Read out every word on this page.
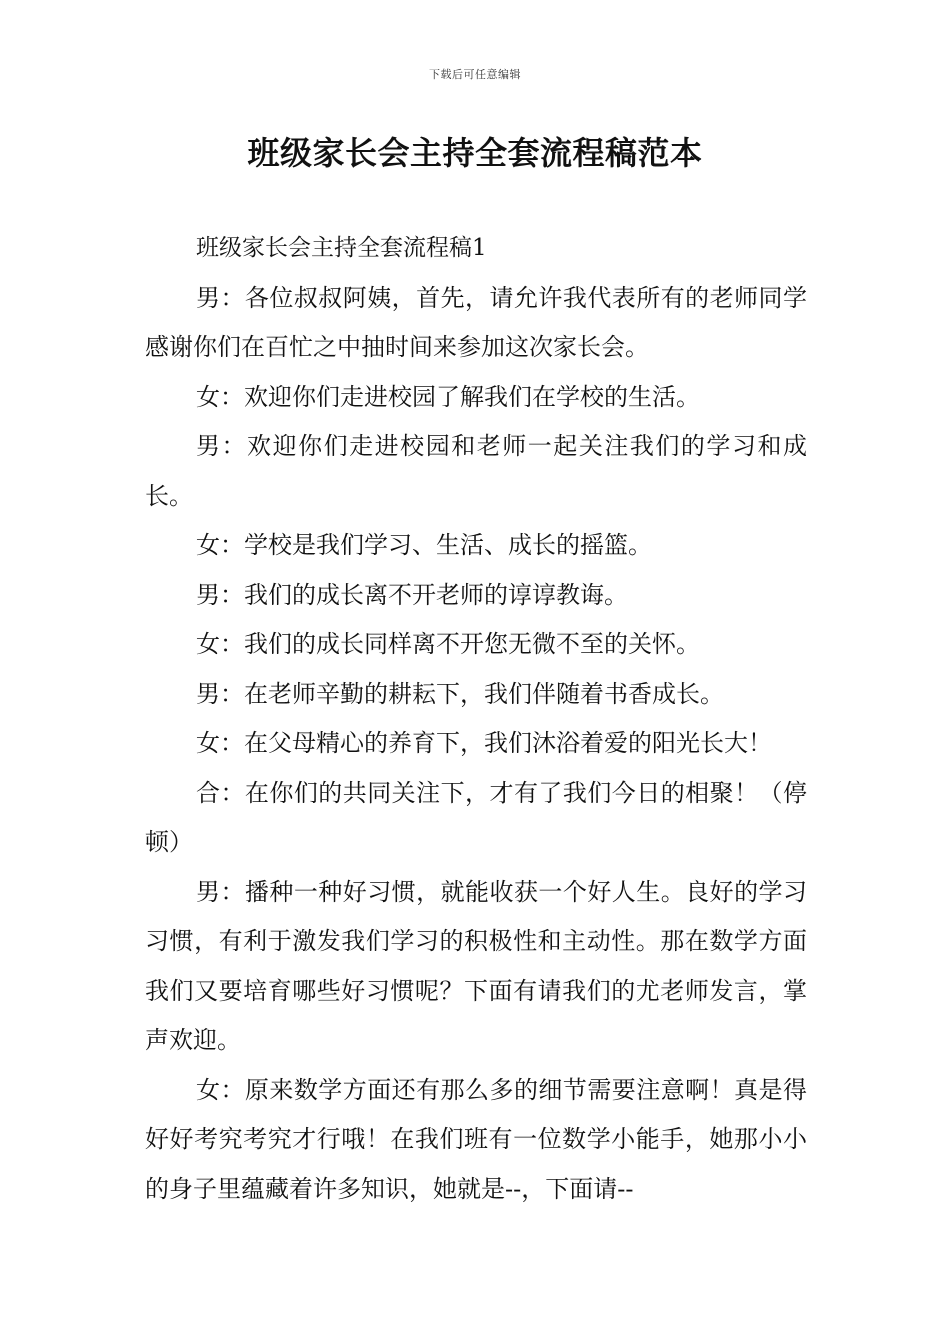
下载后可任意编辑
班级家长会主持全套流程稿范本

班级家长会主持全套流程稿1

男：各位叔叔阿姨，首先，请允许我代表所有的老师同学感谢你们在百忙之中抽时间来参加这次家长会。

女：欢迎你们走进校园了解我们在学校的生活。

男：欢迎你们走进校园和老师一起关注我们的学习和成长。

女：学校是我们学习、生活、成长的摇篮。

男：我们的成长离不开老师的谆谆教诲。

女：我们的成长同样离不开您无微不至的关怀。

男：在老师辛勤的耕耘下，我们伴随着书香成长。

女：在父母精心的养育下，我们沐浴着爱的阳光长大！

合：在你们的共同关注下，才有了我们今日的相聚！（停顿）

男：播种一种好习惯，就能收获一个好人生。良好的学习习惯，有利于激发我们学习的积极性和主动性。那在数学方面我们又要培育哪些好习惯呢？下面有请我们的尤老师发言，掌声欢迎。

女：原来数学方面还有那么多的细节需要注意啊！真是得好好考究考究才行哦！在我们班有一位数学小能手，她那小小的身子里蕴藏着许多知识，她就是--，下面请--
